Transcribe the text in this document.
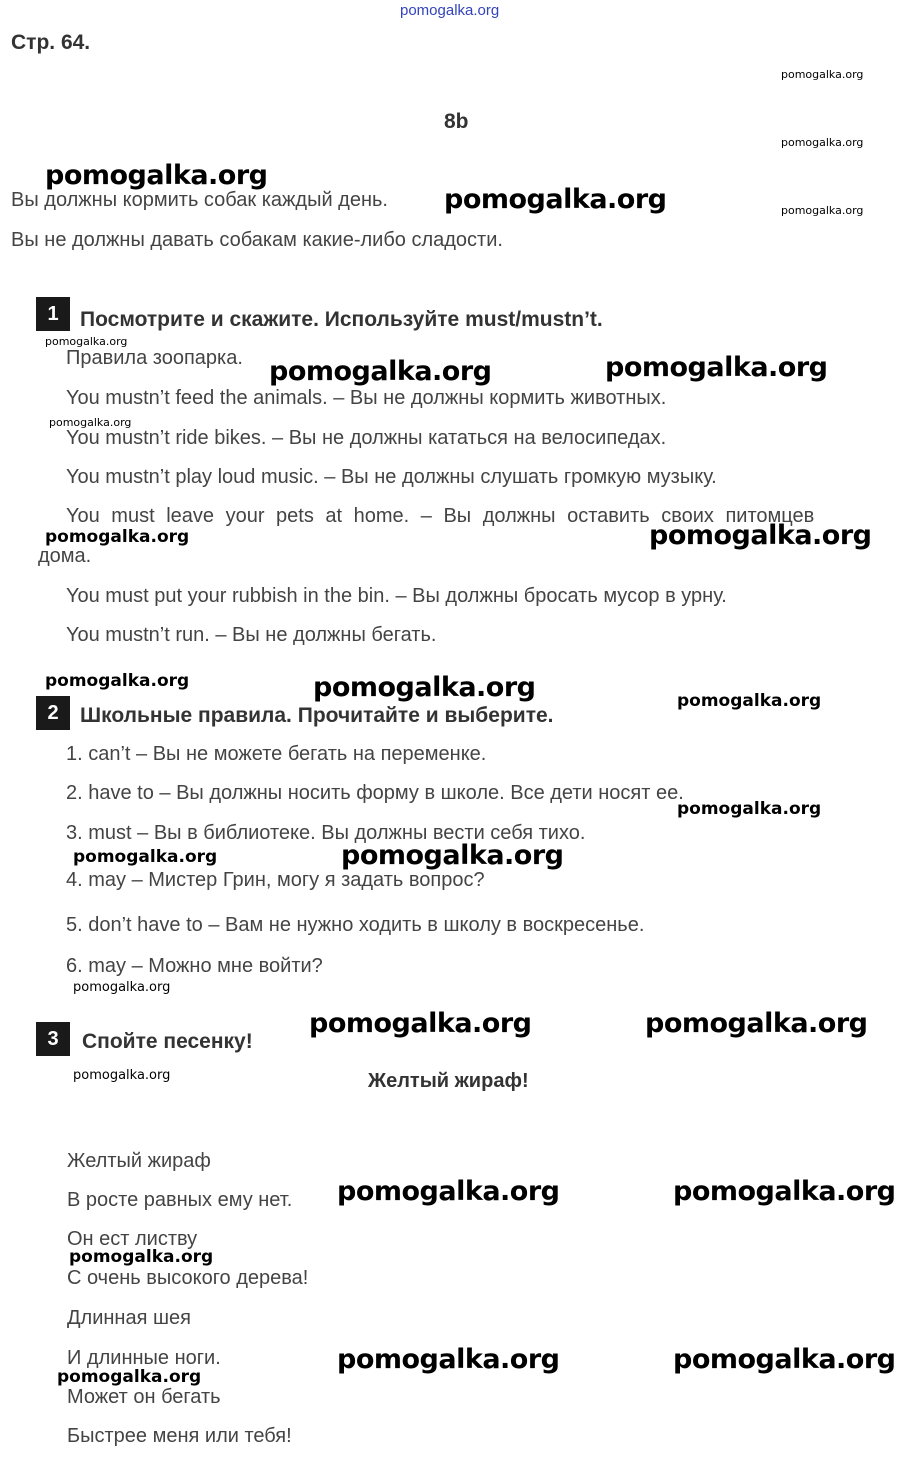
pomogalka.org
Стр. 64.
8b
Вы должны кормить собак каждый день.
Вы не должны давать собакам какие-либо сладости.
1	Посмотрите и скажите. Используйте must/mustn’t.
Правила зоопарка.
You mustn’t feed the animals. – Вы не должны кормить животных.
You mustn’t ride bikes. – Вы не должны кататься на велосипедах.
You mustn’t play loud music. – Вы не должны слушать громкую музыку.
You must leave your pets at home. – Вы должны оставить своих питомцев
дома.
You must put your rubbish in the bin. – Вы должны бросать мусор в урну.
You mustn’t run. – Вы не должны бегать.
2	Школьные правила. Прочитайте и выберите.
1. can’t – Вы не можете бегать на переменке.
2. have to – Вы должны носить форму в школе. Все дети носят ее.
3. must – Вы в библиотеке. Вы должны вести себя тихо.
4. may – Мистер Грин, могу я задать вопрос?
5. don’t have to – Вам не нужно ходить в школу в воскресенье.
6. may – Можно мне войти?
3	Спойте песенку!
Желтый жираф!
Желтый жираф
В росте равных ему нет.
Он ест листву
С очень высокого дерева!
Длинная шея
И длинные ноги.
Может он бегать
Быстрее меня или тебя!
pomogalka.org
pomogalka.org
pomogalka.org	pomogalka.org
pomogalka.org
pomogalka.org
pomogalka.org
pomogalka.org	pomogalka.org
pomogalka.org	pomogalka.org
pomogalka.org	pomogalka.org
pomogalka.org
pomogalka.org
pomogalka.org
pomogalka.org
pomogalka.org
pomogalka.org
pomogalka.org
pomogalka.org
pomogalka.org
pomogalka.org
pomogalka.org
pomogalka.org
pomogalka.org
pomogalka.org
